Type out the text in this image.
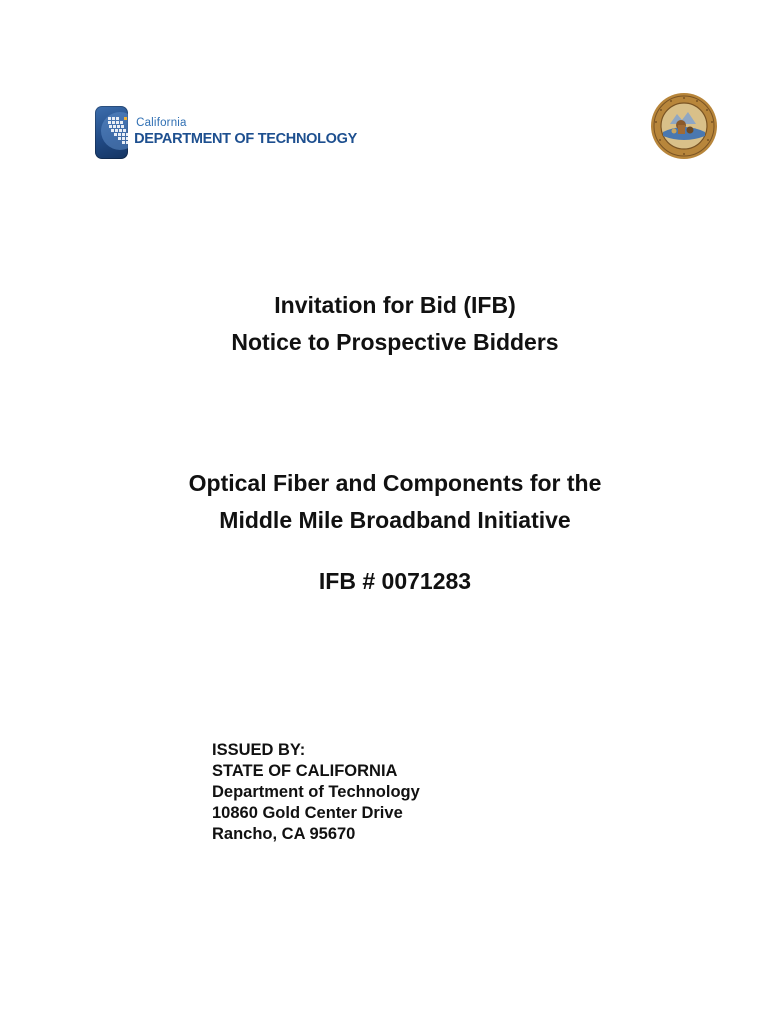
California
DEPARTMENT OF TECHNOLOGY
Invitation for Bid (IFB)
Notice to Prospective Bidders
Optical Fiber and Components for the
Middle Mile Broadband Initiative
IFB # 0071283
ISSUED BY:
STATE OF CALIFORNIA
Department of Technology
10860 Gold Center Drive
Rancho, CA 95670
